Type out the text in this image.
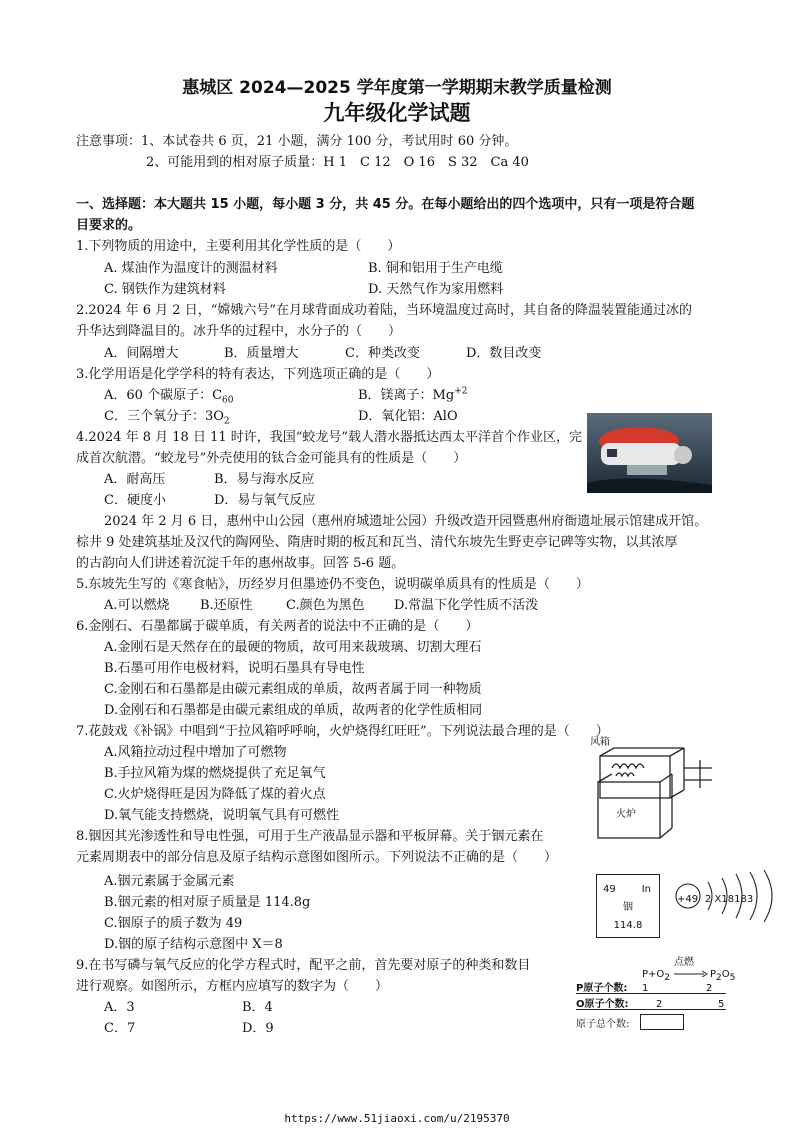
惠城区 2024—2025 学年度第一学期期末教学质量检测
九年级化学试题
注意事项：1、本试卷共 6 页，21 小题，满分 100 分，考试用时 60 分钟。
2、可能用到的相对原子质量：H 1　C 12　O 16　S 32　Ca 40
一、选择题：本大题共 15 小题，每小题 3 分，共 45 分。在每小题给出的四个选项中，只有一项是符合题
目要求的。
1.下列物质的用途中，主要利用其化学性质的是（　　）
A. 煤油作为温度计的测温材料	B. 铜和铝用于生产电缆
C. 钢铁作为建筑材料	D. 天然气作为家用燃料
2.2024 年 6 月 2 日，“嫦娥六号”在月球背面成功着陆，当环境温度过高时，其自备的降温装置能通过冰的
升华达到降温目的。冰升华的过程中，水分子的（　　）
A．间隔增大	B．质量增大	C．种类改变	D．数目改变
3.化学用语是化学学科的特有表达，下列选项正确的是（　　）
A．60 个碳原子：$C_{60}$	B．镁离子：$Mg^{+2}$
C．三个氧分子：$3O_2$	D．氧化铝：AlO
4.2024 年 8 月 18 日 11 时许，我国“蛟龙号”载人潜水器抵达西太平洋首个作业区，完
成首次航潜。“蛟龙号”外壳使用的钛合金可能具有的性质是（　　）
A．耐高压	B．易与海水反应
C．硬度小	D．易与氧气反应
2024 年 2 月 6 日，惠州中山公园（惠州府城遗址公园）升级改造开园暨惠州府衙遗址展示馆建成开馆。
棕井 9 处建筑基址及汉代的陶网坠、隋唐时期的板瓦和瓦当、清代东坡先生野吏亭记碑等实物，以其浓厚
的古韵向人们讲述着沉淀千年的惠州故事。回答 5-6 题。
5.东坡先生写的《寒食帖》，历经岁月但墨迹仍不变色，说明碳单质具有的性质是（　　）
A.可以燃烧 B.还原性	C.颜色为黑色 D.常温下化学性质不活泼
6.金刚石、石墨都属于碳单质，有关两者的说法中不正确的是（　　）
A.金刚石是天然存在的最硬的物质，故可用来裁玻璃、切割大理石
B.石墨可用作电极材料，说明石墨具有导电性
C.金刚石和石墨都是由碳元素组成的单质，故两者属于同一种物质
D.金刚石和石墨都是由碳元素组成的单质，故两者的化学性质相同
7.花鼓戏《补锅》中唱到“于拉风箱呼呼响，火炉烧得红旺旺”。下列说法最合理的是（　　）
A.风箱拉动过程中增加了可燃物
B.手拉风箱为煤的燃烧提供了充足氧气
C.火炉烧得旺是因为降低了煤的着火点
D.氧气能支持燃烧，说明氧气具有可燃性
风箱
火炉
8.铟因其光渗透性和导电性强，可用于生产液晶显示器和平板屏幕。关于铟元素在
元素周期表中的部分信息及原子结构示意图如图所示。下列说法不正确的是（　　）
A.铟元素属于金属元素
B.铟元素的相对原子质量是 114.8g
C.铟原子的质子数为 49
D.铟的原子结构示意图中 X＝8
49	In
铟
114.8
+49 2 X18183
9.在书写磷与氧气反应的化学方程式时，配平之前，首先要对原子的种类和数目
进行观察。如图所示，方框内应填写的数字为（　　）
A．3	B．4
C．7	D．9
点燃
$P+O_2 \to P_2O_5$
P原子个数: 1	2
O原子个数:	2	5
原子总个数:
https://www.51jiaoxi.com/u/2195370
